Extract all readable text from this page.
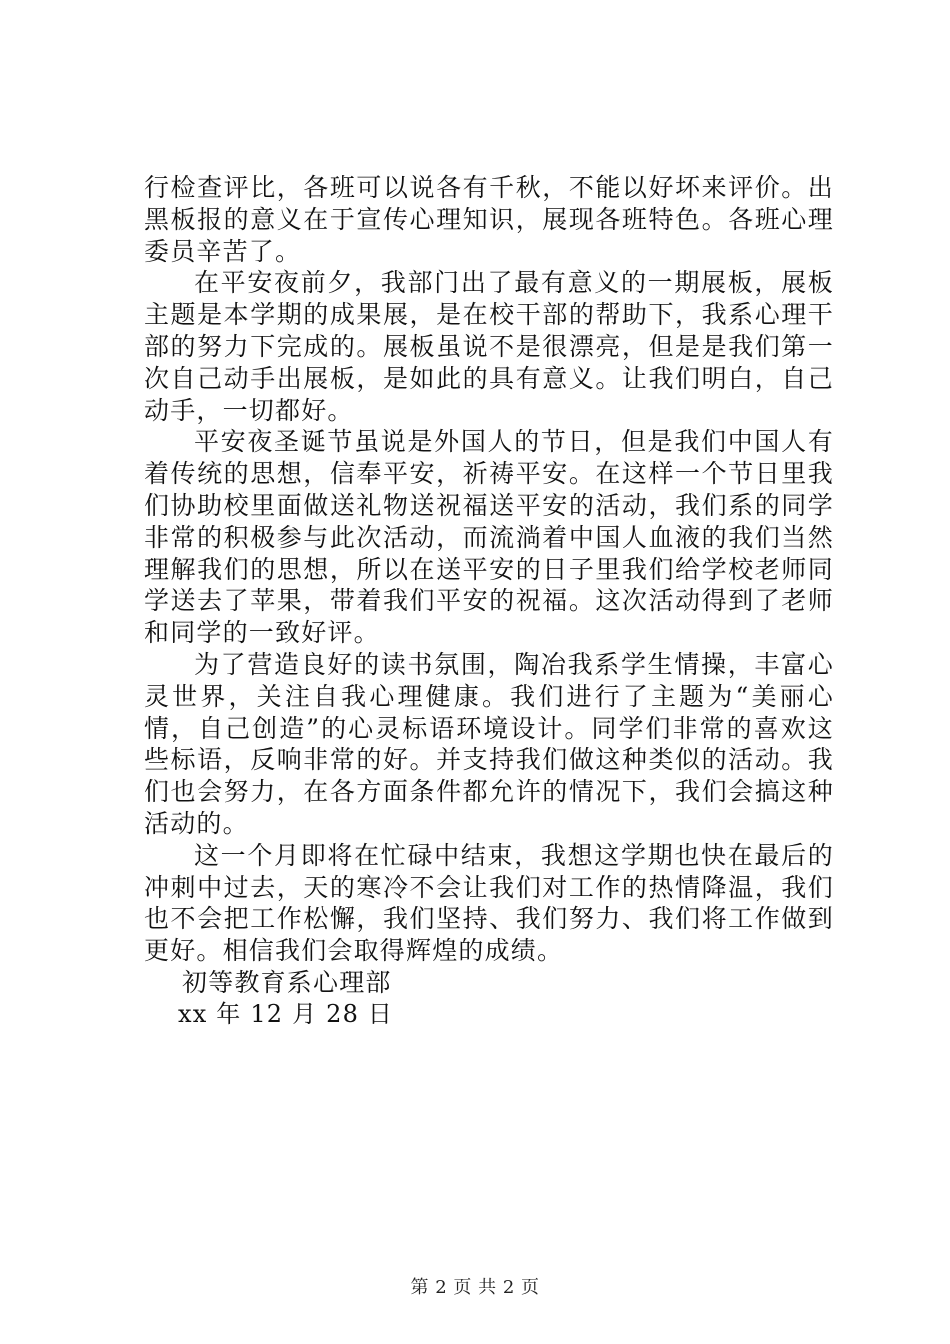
行检查评比，各班可以说各有千秋，不能以好坏来评价。出黑板报的意义在于宣传心理知识，展现各班特色。各班心理委员辛苦了。

在平安夜前夕，我部门出了最有意义的一期展板，展板主题是本学期的成果展，是在校干部的帮助下，我系心理干部的努力下完成的。展板虽说不是很漂亮，但是是我们第一次自己动手出展板，是如此的具有意义。让我们明白，自己动手，一切都好。

平安夜圣诞节虽说是外国人的节日，但是我们中国人有着传统的思想，信奉平安，祈祷平安。在这样一个节日里我们协助校里面做送礼物送祝福送平安的活动，我们系的同学非常的积极参与此次活动，而流淌着中国人血液的我们当然理解我们的思想，所以在送平安的日子里我们给学校老师同学送去了苹果，带着我们平安的祝福。这次活动得到了老师和同学的一致好评。

为了营造良好的读书氛围，陶冶我系学生情操，丰富心灵世界，关注自我心理健康。我们进行了主题为“美丽心情，自己创造”的心灵标语环境设计。同学们非常的喜欢这些标语，反响非常的好。并支持我们做这种类似的活动。我们也会努力，在各方面条件都允许的情况下，我们会搞这种活动的。

这一个月即将在忙碌中结束，我想这学期也快在最后的冲刺中过去，天的寒冷不会让我们对工作的热情降温，我们也不会把工作松懈，我们坚持、我们努力、我们将工作做到更好。相信我们会取得辉煌的成绩。

初等教育系心理部

xx 年 12 月 28 日

第 2 页 共 2 页
